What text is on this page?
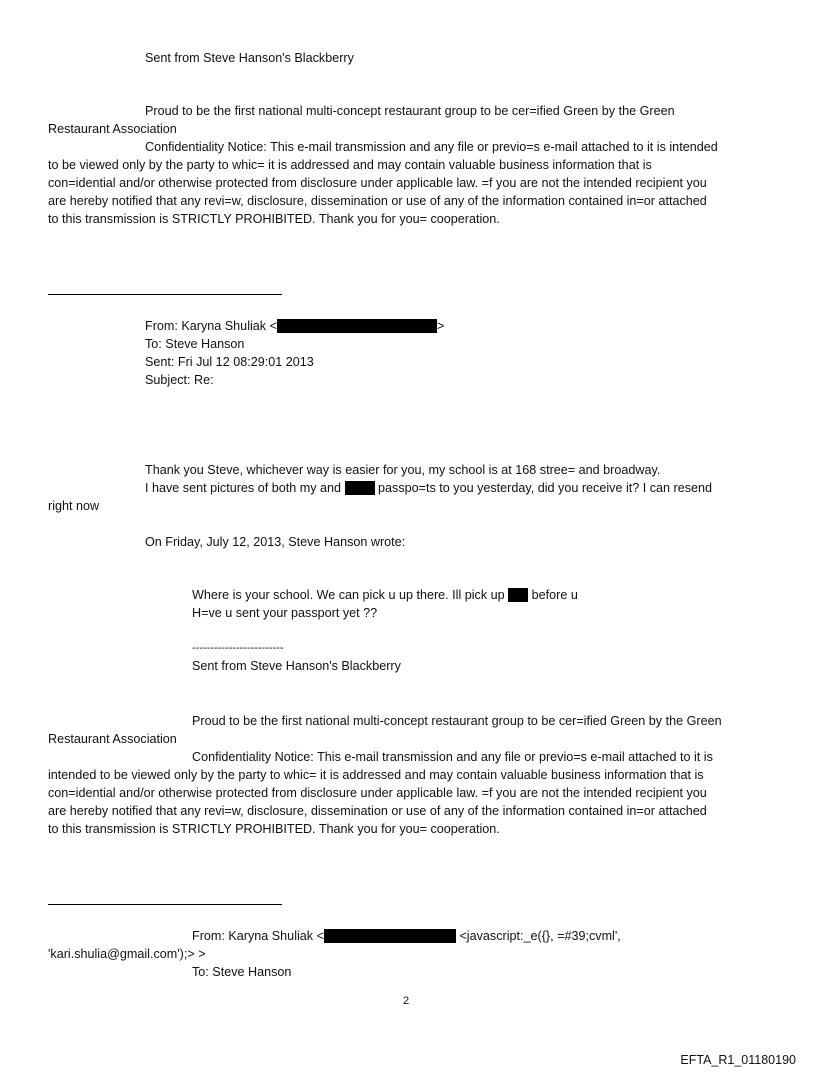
Sent from Steve Hanson's Blackberry
Proud to be the first national multi-concept restaurant group to be cer=ified Green by the Green
Restaurant Association
Confidentiality Notice: This e-mail transmission and any file or previo=s e-mail attached to it is intended
to be viewed only by the party to whic= it is addressed and may contain valuable business information that is
con=idential and/or otherwise protected from disclosure under applicable law. =f you are not the intended recipient you
are hereby notified that any revi=w, disclosure, dissemination or use of any of the information contained in=or attached
to this transmission is STRICTLY PROHIBITED. Thank you for you= cooperation.
From: Karyna Shuliak <	>
To: Steve Hanson
Sent: Fri Jul 12 08:29:01 2013
Subject: Re:
Thank you Steve, whichever way is easier for you, my school is at 168 stree= and broadway.
I have sent pictures of both my and	passpo=ts to you yesterday, did you receive it? I can resend
right now
On Friday, July 12, 2013, Steve Hanson wrote:
Where is your school. We can pick u up there. Ill pick up before u
H=ve u sent your passport yet ??
-------------------------
Sent from Steve Hanson's Blackberry
Proud to be the first national multi-concept restaurant group to be cer=ified Green by the Green
Restaurant Association
Confidentiality Notice: This e-mail transmission and any file or previo=s e-mail attached to it is
intended to be viewed only by the party to whic= it is addressed and may contain valuable business information that is
con=idential and/or otherwise protected from disclosure under applicable law. =f you are not the intended recipient you
are hereby notified that any revi=w, disclosure, dissemination or use of any of the information contained in=or attached
to this transmission is STRICTLY PROHIBITED. Thank you for you= cooperation.
From: Karyna Shuliak <	<javascript:_e({}, =#39;cvml',
'kari.shulia@gmail.com');> >
To: Steve Hanson
2
EFTA_R1_01180190
